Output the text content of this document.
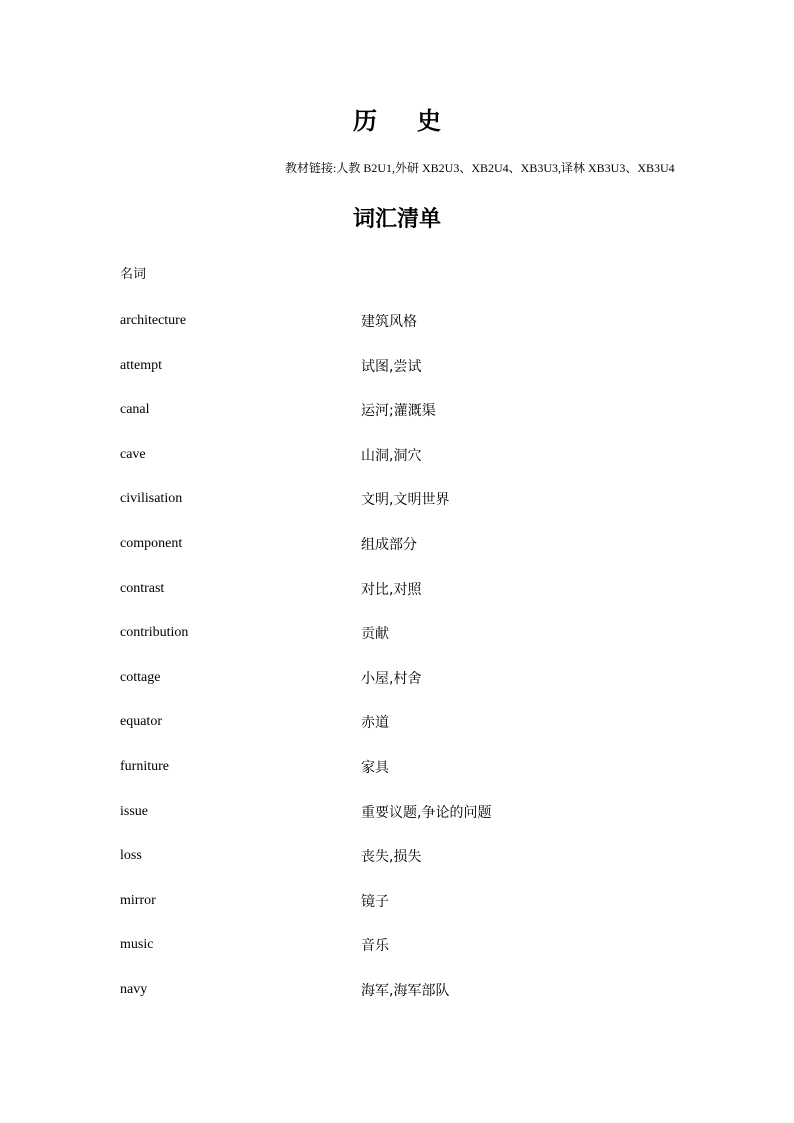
历 史
教材链接:人教 B2U1,外研 XB2U3、XB2U4、XB3U3,译林 XB3U3、XB3U4
词汇清单
名词
architecture	建筑风格
attempt	试图,尝试
canal	运河;灌溉渠
cave	山洞,洞穴
civilisation	文明,文明世界
component	组成部分
contrast	对比,对照
contribution	贡献
cottage	小屋,村舍
equator	赤道
furniture	家具
issue	重要议题,争论的问题
loss	丧失,损失
mirror	镜子
music	音乐
navy	海军,海军部队
